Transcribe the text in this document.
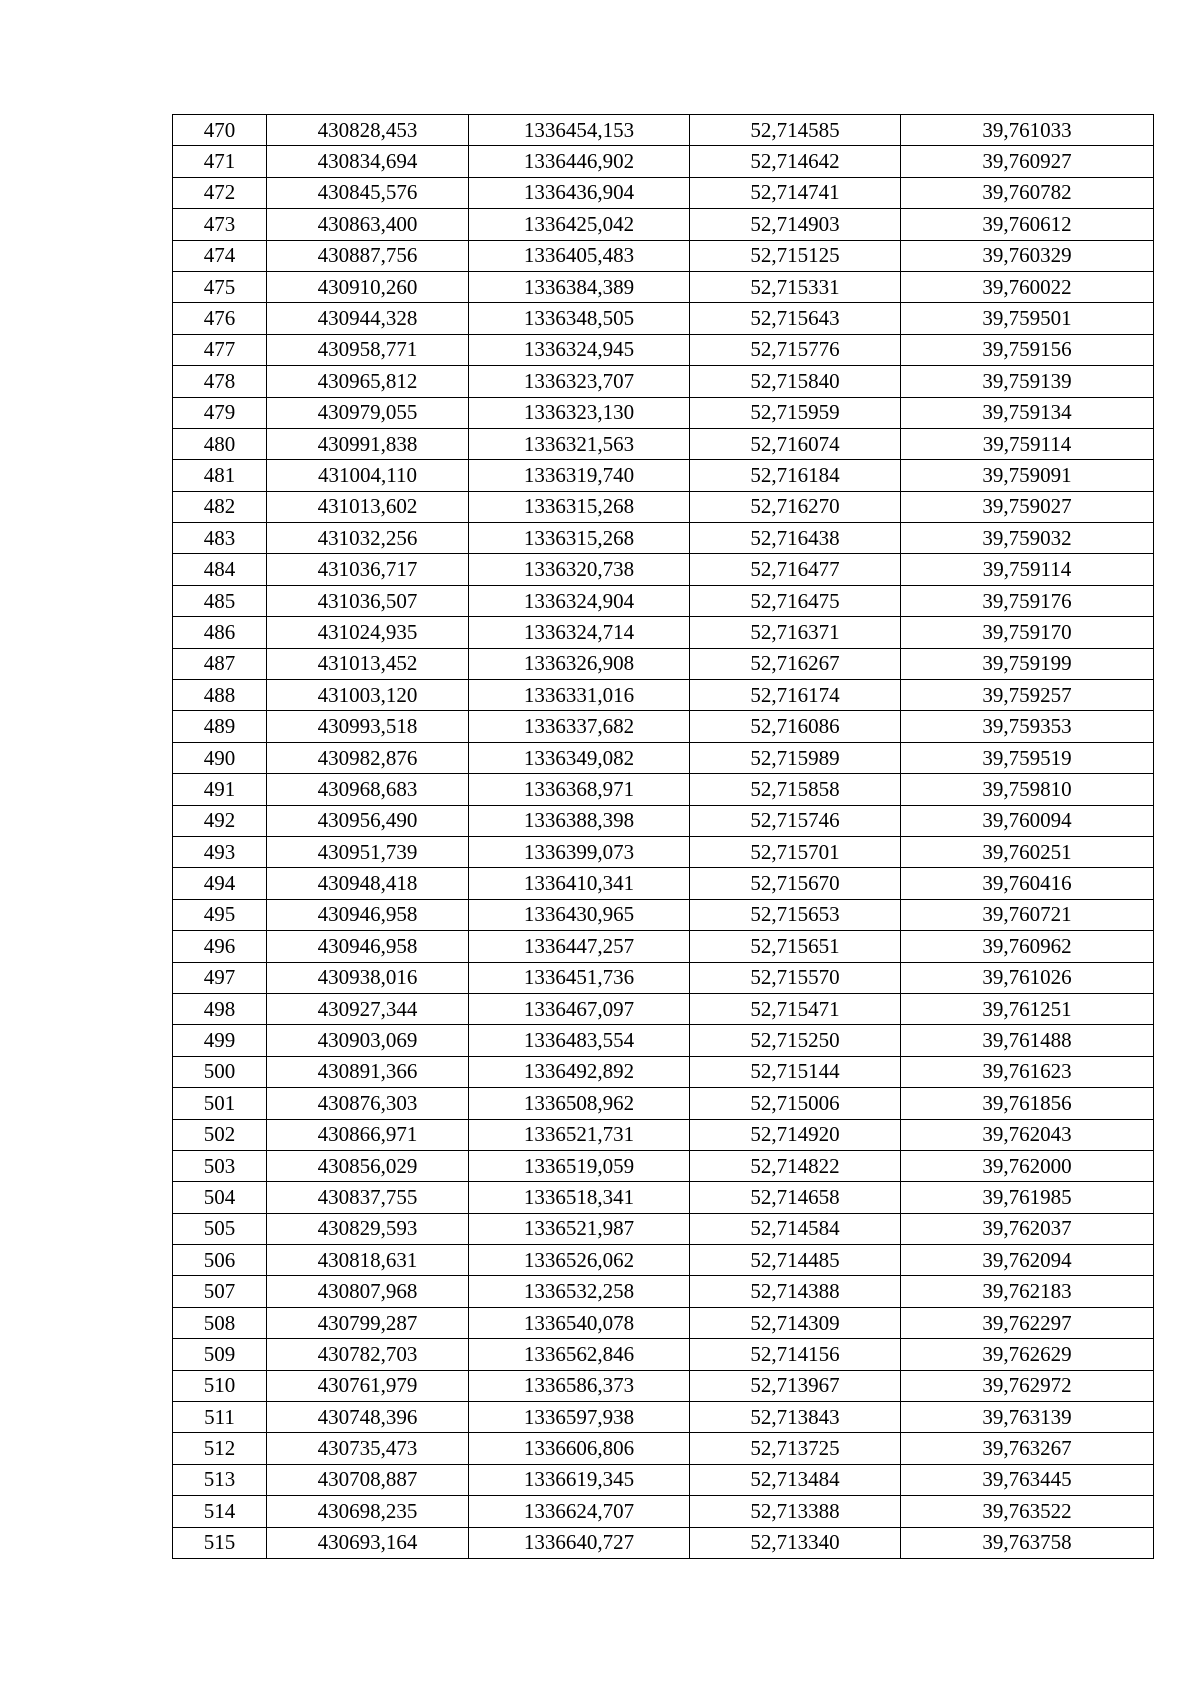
470	430828,453	1336454,153	52,714585	39,761033
471	430834,694	1336446,902	52,714642	39,760927
472	430845,576	1336436,904	52,714741	39,760782
473	430863,400	1336425,042	52,714903	39,760612
474	430887,756	1336405,483	52,715125	39,760329
475	430910,260	1336384,389	52,715331	39,760022
476	430944,328	1336348,505	52,715643	39,759501
477	430958,771	1336324,945	52,715776	39,759156
478	430965,812	1336323,707	52,715840	39,759139
479	430979,055	1336323,130	52,715959	39,759134
480	430991,838	1336321,563	52,716074	39,759114
481	431004,110	1336319,740	52,716184	39,759091
482	431013,602	1336315,268	52,716270	39,759027
483	431032,256	1336315,268	52,716438	39,759032
484	431036,717	1336320,738	52,716477	39,759114
485	431036,507	1336324,904	52,716475	39,759176
486	431024,935	1336324,714	52,716371	39,759170
487	431013,452	1336326,908	52,716267	39,759199
488	431003,120	1336331,016	52,716174	39,759257
489	430993,518	1336337,682	52,716086	39,759353
490	430982,876	1336349,082	52,715989	39,759519
491	430968,683	1336368,971	52,715858	39,759810
492	430956,490	1336388,398	52,715746	39,760094
493	430951,739	1336399,073	52,715701	39,760251
494	430948,418	1336410,341	52,715670	39,760416
495	430946,958	1336430,965	52,715653	39,760721
496	430946,958	1336447,257	52,715651	39,760962
497	430938,016	1336451,736	52,715570	39,761026
498	430927,344	1336467,097	52,715471	39,761251
499	430903,069	1336483,554	52,715250	39,761488
500	430891,366	1336492,892	52,715144	39,761623
501	430876,303	1336508,962	52,715006	39,761856
502	430866,971	1336521,731	52,714920	39,762043
503	430856,029	1336519,059	52,714822	39,762000
504	430837,755	1336518,341	52,714658	39,761985
505	430829,593	1336521,987	52,714584	39,762037
506	430818,631	1336526,062	52,714485	39,762094
507	430807,968	1336532,258	52,714388	39,762183
508	430799,287	1336540,078	52,714309	39,762297
509	430782,703	1336562,846	52,714156	39,762629
510	430761,979	1336586,373	52,713967	39,762972
511	430748,396	1336597,938	52,713843	39,763139
512	430735,473	1336606,806	52,713725	39,763267
513	430708,887	1336619,345	52,713484	39,763445
514	430698,235	1336624,707	52,713388	39,763522
515	430693,164	1336640,727	52,713340	39,763758
